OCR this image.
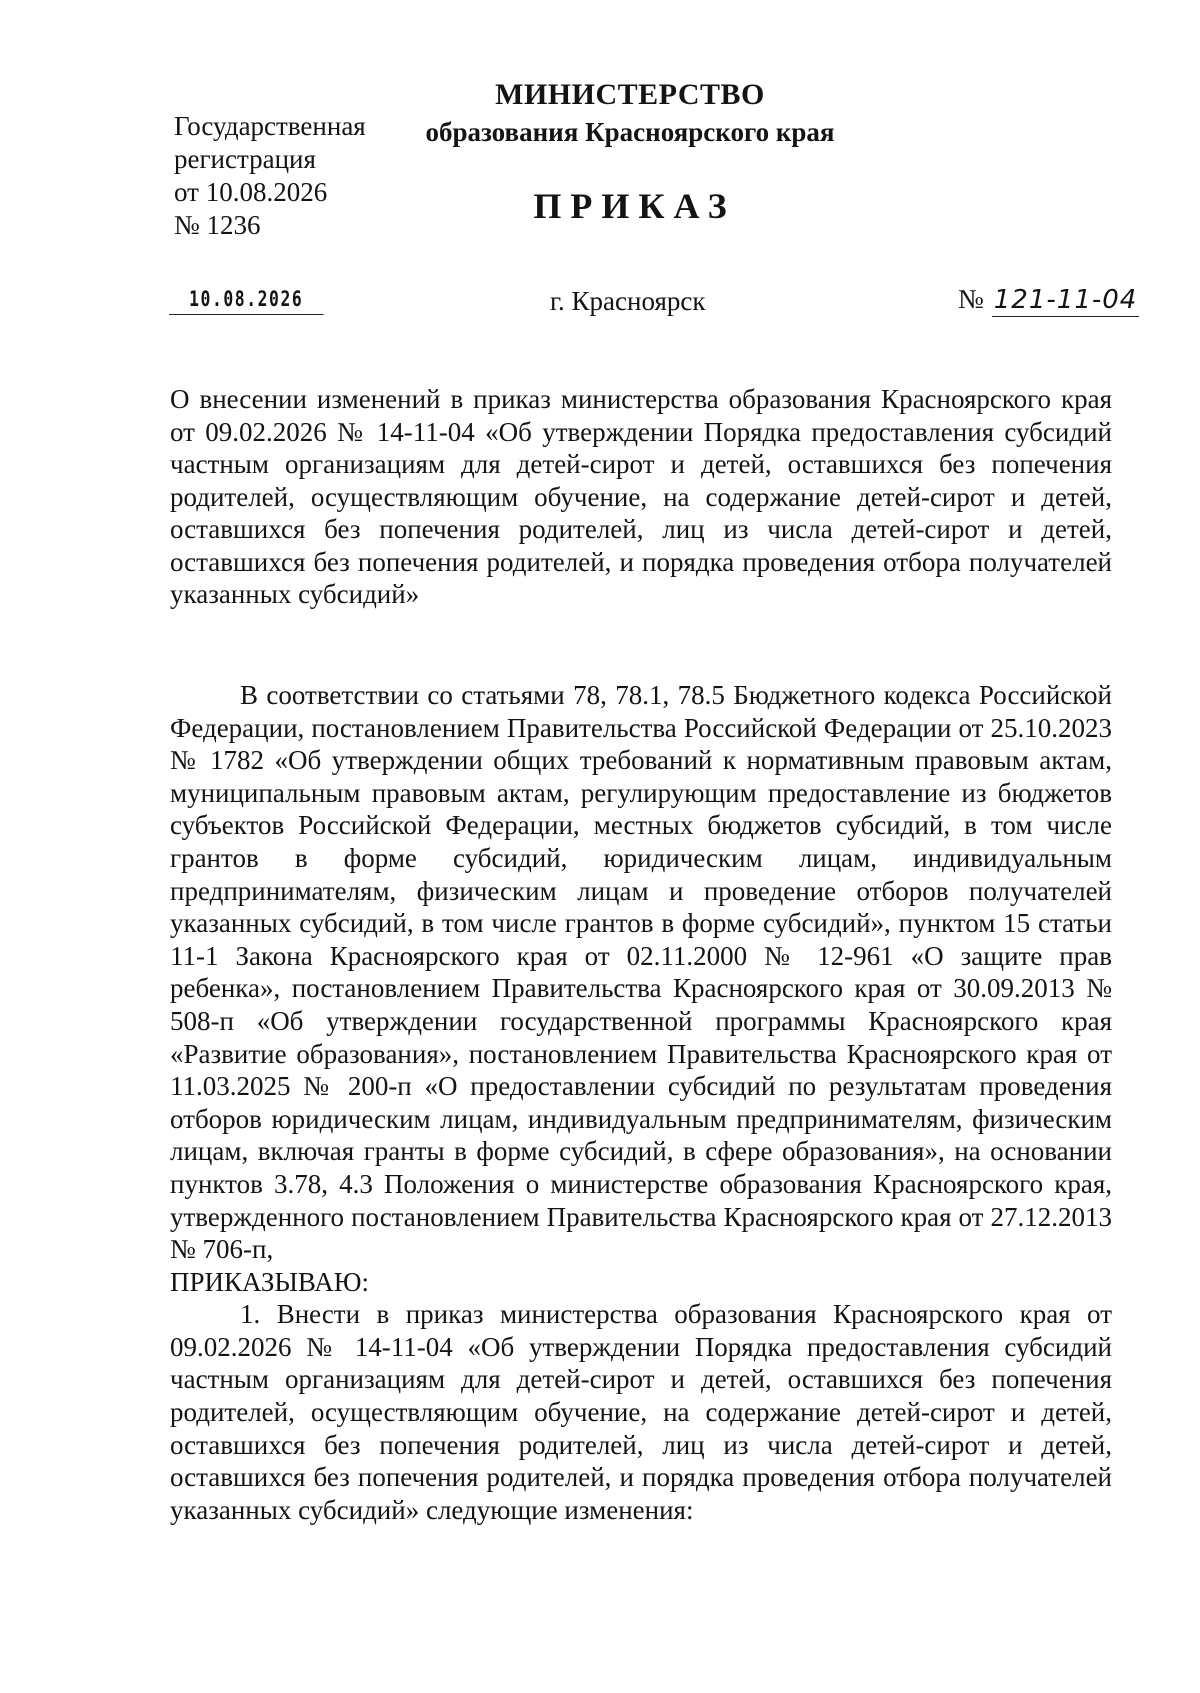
Государственная
регистрация
от 10.08.2026
№ 1236
МИНИСТЕРСТВО
образования Красноярского края
ПРИКАЗ
10.08.2026	г. Красноярск	№ 121-11-04
О внесении изменений в приказ министерства образования Красноярского края от 09.02.2026 № 14-11-04 «Об утверждении Порядка предоставления субсидий частным организациям для детей-сирот и детей, оставшихся без попечения родителей, осуществляющим обучение, на содержание детей-сирот и детей, оставшихся без попечения родителей, лиц из числа детей-сирот и детей, оставшихся без попечения родителей, и порядка проведения отбора получателей указанных субсидий»

В соответствии со статьями 78, 78.1, 78.5 Бюджетного кодекса Российской Федерации, постановлением Правительства Российской Федерации от 25.10.2023 № 1782 «Об утверждении общих требований к нормативным правовым актам, муниципальным правовым актам, регулирующим предоставление из бюджетов субъектов Российской Федерации, местных бюджетов субсидий, в том числе грантов в форме субсидий, юридическим лицам, индивидуальным предпринимателям, физическим лицам и проведение отборов получателей указанных субсидий, в том числе грантов в форме субсидий», пунктом 15 статьи 11-1 Закона Красноярского края от 02.11.2000 № 12-961 «О защите прав ребенка», постановлением Правительства Красноярского края от 30.09.2013 № 508-п «Об утверждении государственной программы Красноярского края «Развитие образования», постановлением Правительства Красноярского края от 11.03.2025 № 200-п «О предоставлении субсидий по результатам проведения отборов юридическим лицам, индивидуальным предпринимателям, физическим лицам, включая гранты в форме субсидий, в сфере образования», на основании пунктов 3.78, 4.3 Положения о министерстве образования Красноярского края, утвержденного постановлением Правительства Красноярского края от 27.12.2013 № 706-п,

ПРИКАЗЫВАЮ:

1. Внести в приказ министерства образования Красноярского края от 09.02.2026 № 14-11-04 «Об утверждении Порядка предоставления субсидий частным организациям для детей-сирот и детей, оставшихся без попечения родителей, осуществляющим обучение, на содержание детей-сирот и детей, оставшихся без попечения родителей, лиц из числа детей-сирот и детей, оставшихся без попечения родителей, и порядка проведения отбора получателей указанных субсидий» следующие изменения:
